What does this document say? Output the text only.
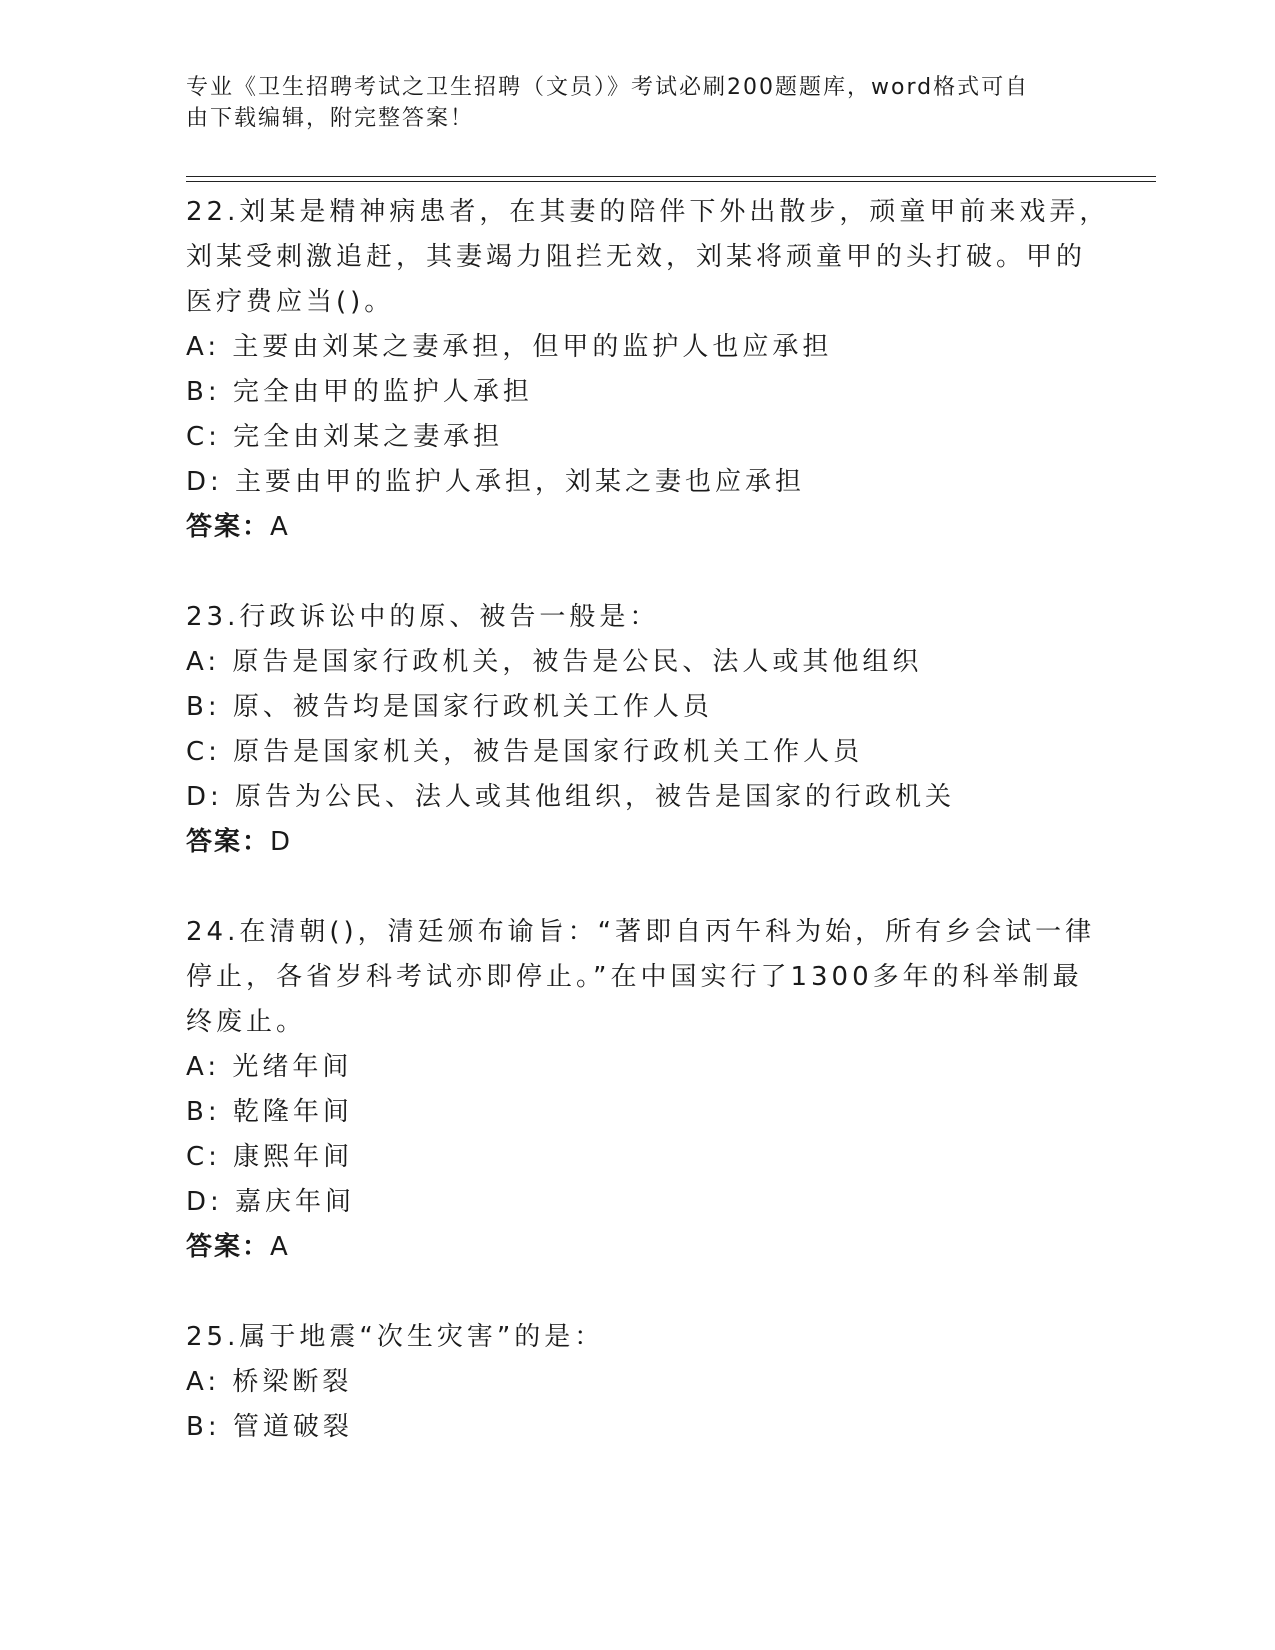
专业《卫生招聘考试之卫生招聘（文员）》考试必刷200题题库，word格式可自
由下载编辑，附完整答案！
22.刘某是精神病患者，在其妻的陪伴下外出散步，顽童甲前来戏弄，
刘某受刺激追赶，其妻竭力阻拦无效，刘某将顽童甲的头打破。甲的
医疗费应当()。
A: 主要由刘某之妻承担，但甲的监护人也应承担
B: 完全由甲的监护人承担
C: 完全由刘某之妻承担
D: 主要由甲的监护人承担，刘某之妻也应承担
答案：A
23.行政诉讼中的原、被告一般是：
A: 原告是国家行政机关，被告是公民、法人或其他组织
B: 原、被告均是国家行政机关工作人员
C: 原告是国家机关，被告是国家行政机关工作人员
D: 原告为公民、法人或其他组织，被告是国家的行政机关
答案：D
24.在清朝()，清廷颁布谕旨：“著即自丙午科为始，所有乡会试一律
停止，各省岁科考试亦即停止。”在中国实行了1300多年的科举制最
终废止。
A: 光绪年间
B: 乾隆年间
C: 康熙年间
D: 嘉庆年间
答案：A
25.属于地震“次生灾害”的是：
A: 桥梁断裂
B: 管道破裂
